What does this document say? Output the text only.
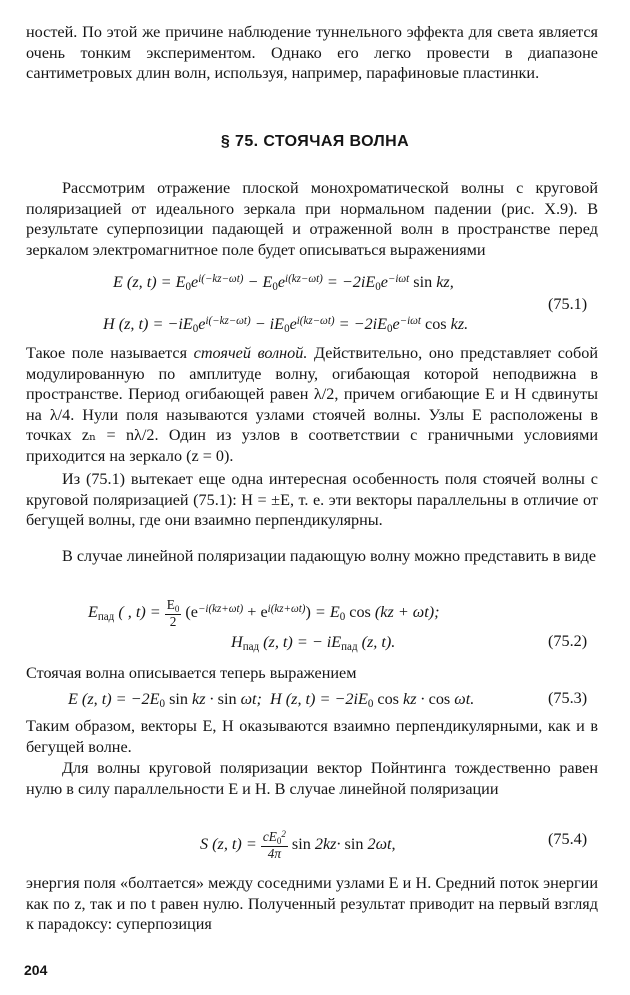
ностей. По этой же причине наблюдение туннельного эффекта для света является очень тонким экспериментом. Однако его легко провести в диапазоне сантиметровых длин волн, используя, например, парафиновые пластинки.

§ 75. СТОЯЧАЯ ВОЛНА

Рассмотрим отражение плоской монохроматической волны с круговой поляризацией от идеального зеркала при нормальном падении (рис. X.9). В результате суперпозиции падающей и отраженной волн в пространстве перед зеркалом электромагнитное поле будет описываться выражениями

E (z, $t) = E_0e^{i(-kz-\omega t)} - E_0e^{i(kz-\omega t)} = -2iE_0e^{-i\omega t}$ sin kz,
H (z, $t) = -iE_0e^{i(-kz-\omega t)} - iE_0e^{i(kz-\omega t)} = -2iE_0e^{-i\omega t}$ cos kz.
(75.1)

Такое поле называется стоячей волной. Действительно, оно представляет собой модулированную по амплитуде волну, огибающая которой неподвижна в пространстве. Период огибающей равен λ/2, причем огибающие E и H сдвинуты на λ/4. Нули поля называются узлами стоячей волны. Узлы E расположены в точках zₙ = nλ/2. Один из узлов в соответствии с граничными условиями приходится на зеркало (z = 0).

Из (75.1) вытекает еще одна интересная особенность поля стоячей волны с круговой поляризацией (75.1): H = ±E, т. е. эти векторы параллельны в отличие от бегущей волны, где они взаимно перпендикулярны.

В случае линейной поляризации падающую волну можно представить в виде

$E_{пад}$ ( , $t) = \frac{E_0}{2} (e^{-i(kz+\omega t)} + e^{i(kz+\omega t)}) = E_0$ cos (kz + ωt);
$H_{пад}$ (z, t) = − $iE_{пад}$ (z, t).	(75.2)

Стоячая волна описывается теперь выражением

E (z, $t) = -2E_0$ sin kz · sin ωt;  H (z, $t) = -2iE_0$ cos kz · cos ωt.	(75.3)

Таким образом, векторы E, H оказываются взаимно перпендикулярными, как и в бегущей волне.

Для волны круговой поляризации вектор Пойнтинга тождественно равен нулю в силу параллельности E и H. В случае линейной поляризации

S (z, $t) = \frac{cE_0^2}{4\pi}$ sin 2kz· sin 2ωt,	(75.4)

энергия поля «болтается» между соседними узлами E и H. Средний поток энергии как по z, так и по t равен нулю. Полученный результат приводит на первый взгляд к парадоксу: суперпозиция

204
